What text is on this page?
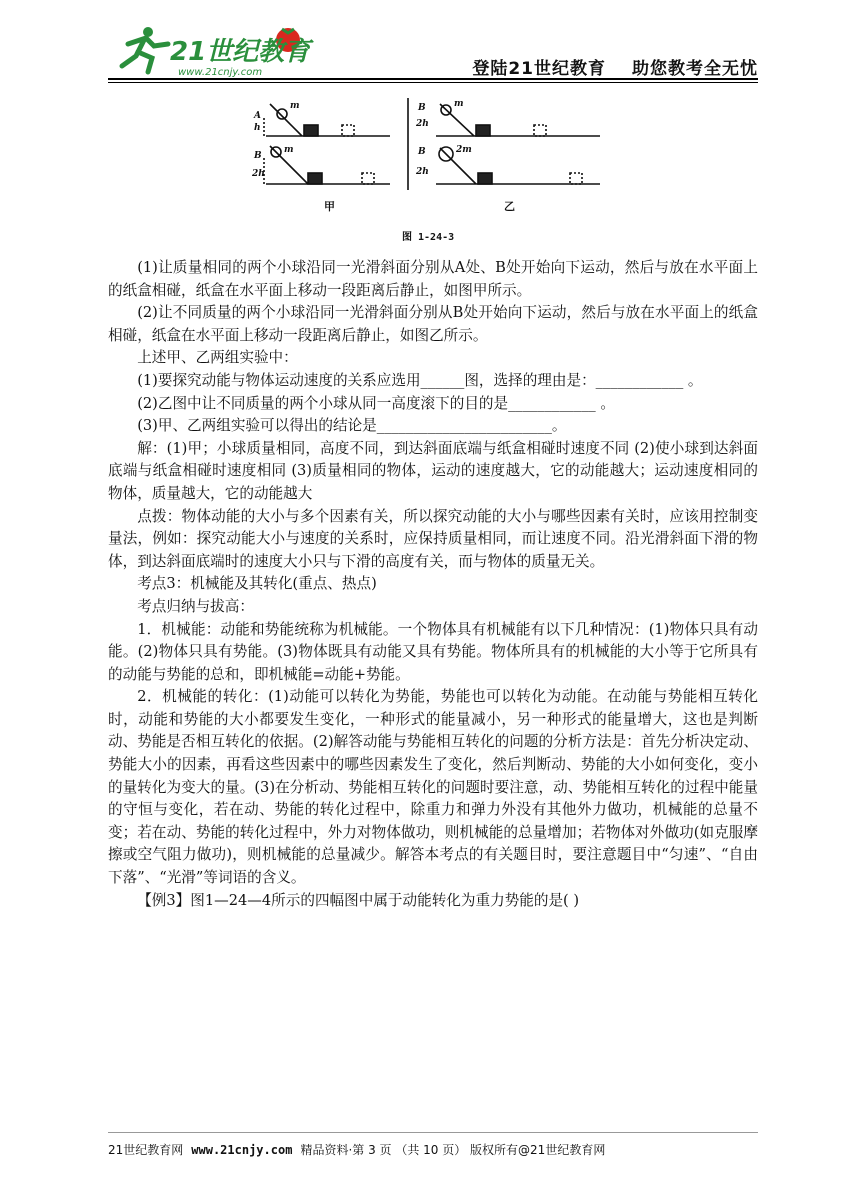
21世纪教育
www.21cnjy.com	登陆21世纪教育 助您教考全无忧
m
A
h
m
B
2h
B	m
2h
B	2m
2h
甲	乙
图 1-24-3

(1)让质量相同的两个小球沿同一光滑斜面分别从A处、B处开始向下运动，然后与放在水平面上的纸盒相碰，纸盒在水平面上移动一段距离后静止，如图甲所示。

(2)让不同质量的两个小球沿同一光滑斜面分别从B处开始向下运动，然后与放在水平面上的纸盒相碰，纸盒在水平面上移动一段距离后静止，如图乙所示。

上述甲、乙两组实验中：

(1)要探究动能与物体运动速度的关系应选用______图，选择的理由是：____________ 。

(2)乙图中让不同质量的两个小球从同一高度滚下的目的是____________ 。

(3)甲、乙两组实验可以得出的结论是________________________。

解：(1)甲；小球质量相同，高度不同，到达斜面底端与纸盒相碰时速度不同 (2)使小球到达斜面底端与纸盒相碰时速度相同 (3)质量相同的物体，运动的速度越大，它的动能越大；运动速度相同的物体，质量越大，它的动能越大

点拨：物体动能的大小与多个因素有关，所以探究动能的大小与哪些因素有关时，应该用控制变量法，例如：探究动能大小与速度的关系时，应保持质量相同，而让速度不同。沿光滑斜面下滑的物体，到达斜面底端时的速度大小只与下滑的高度有关，而与物体的质量无关。

考点3：机械能及其转化(重点、热点)

考点归纳与拔高：

1．机械能：动能和势能统称为机械能。一个物体具有机械能有以下几种情况：(1)物体只具有动能。(2)物体只具有势能。(3)物体既具有动能又具有势能。物体所具有的机械能的大小等于它所具有的动能与势能的总和，即机械能=动能+势能。

2．机械能的转化：(1)动能可以转化为势能，势能也可以转化为动能。在动能与势能相互转化时，动能和势能的大小都要发生变化，一种形式的能量减小，另一种形式的能量增大，这也是判断动、势能是否相互转化的依据。(2)解答动能与势能相互转化的问题的分析方法是：首先分析决定动、势能大小的因素，再看这些因素中的哪些因素发生了变化，然后判断动、势能的大小如何变化，变小的量转化为变大的量。(3)在分析动、势能相互转化的问题时要注意，动、势能相互转化的过程中能量的守恒与变化，若在动、势能的转化过程中，除重力和弹力外没有其他外力做功，机械能的总量不变；若在动、势能的转化过程中，外力对物体做功，则机械能的总量增加；若物体对外做功(如克服摩擦或空气阻力做功)，则机械能的总量减少。解答本考点的有关题目时，要注意题目中“匀速”、“自由下落”、“光滑”等词语的含义。

【例3】图1—24—4所示的四幅图中属于动能转化为重力势能的是( )

21世纪教育网 www.21cnjy.com 精品资料·第 3 页 （共 10 页） 版权所有@21世纪教育网
